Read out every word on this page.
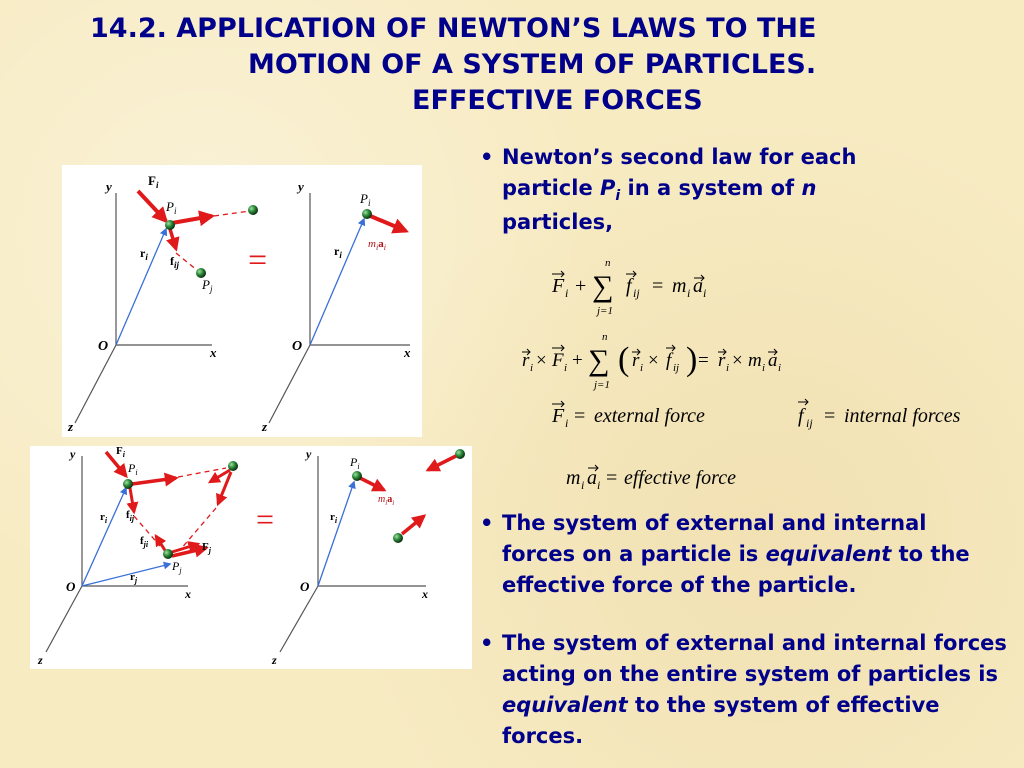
14.2. APPLICATION OF NEWTON’S LAWS TO THE
MOTION OF A SYSTEM OF PARTICLES.
EFFECTIVE FORCES
y
x
z
O
$r_i$
$F_i$
$P_i$
$f_{ij}$
$P_j$
=
y
x
z
O
$r_i$
$P_i$
$m_ia_i$
y
x
z
O
$r_i$
$r_j$
$F_i$
$P_i$
$f_{ij}$
$f_{ji}$	$F_j$
$P_j$
=
y
x
z
O
$r_i$
$P_i$
$m_ia_i$
• Newton’s second law for each particle $P_i$ in a system of n particles,
• The system of external and internal forces on a particle is equivalent to the effective force of the particle.
• The system of external and internal forces acting on the entire system of particles is equivalent to the system of effective forces.
F i +
n
∑
j=1
f ij = m i a i
r i × F i +
n
∑
j=1
( r i × f ij ) = r i × m i a i
F i = external force	f ij = internal forces
m i a i = effective force
